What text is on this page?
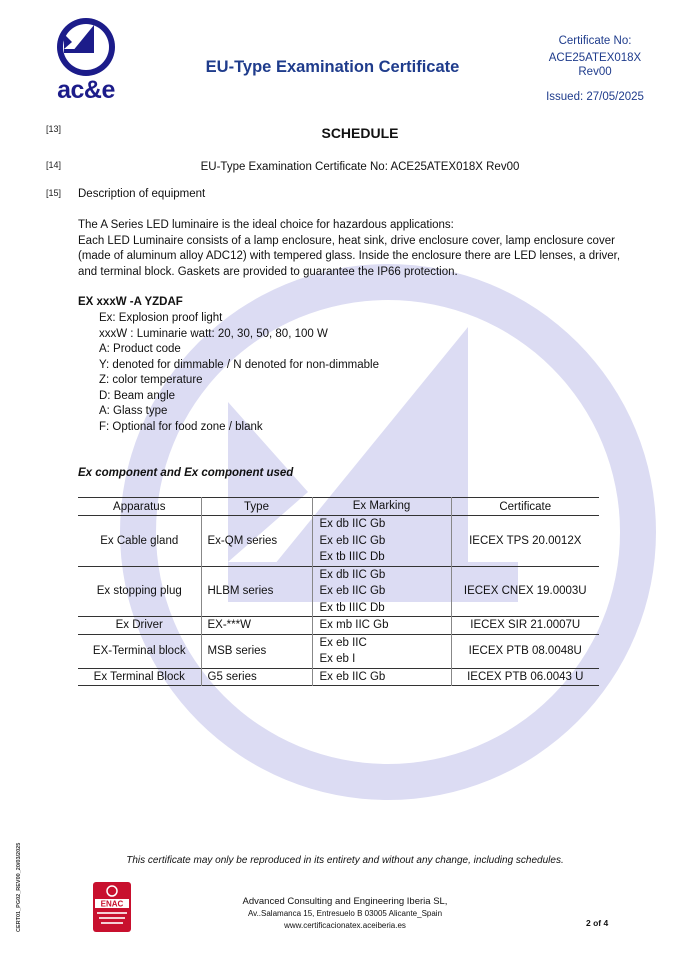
ac&e
EU-Type Examination Certificate
Certificate No:
ACE25ATEX018X
Rev00
Issued: 27/05/2025
[13]	SCHEDULE
[14]	EU-Type Examination Certificate No: ACE25ATEX018X Rev00
[15] Description of equipment
The A Series LED luminaire is the ideal choice for hazardous applications:
Each LED Luminaire consists of a lamp enclosure, heat sink, drive enclosure cover, lamp enclosure cover
(made of aluminum alloy ADC12) with tempered glass. Inside the enclosure there are LED lenses, a driver,
and terminal block. Gaskets are provided to guarantee the IP66 protection.
EX xxxW -A YZDAF
Ex: Explosion proof light
xxxW : Luminarie watt: 20, 30, 50, 80, 100 W
A: Product code
Y: denoted for dimmable / N denoted for non-dimmable
Z: color temperature
D: Beam angle
A: Glass type
F: Optional for food zone / blank
Ex component and Ex component used
Apparatus	Type	Ex Marking	Certificate
Ex Cable gland	Ex-QM series	Ex db IIC Gb
Ex eb IIC Gb
Ex tb IIIC Db	IECEX TPS 20.0012X
Ex stopping plug	HLBM series	Ex db IIC Gb
Ex eb IIC Gb
Ex tb IIIC Db	IECEX CNEX 19.0003U
Ex Driver	EX-***W	Ex mb IIC Gb	IECEX SIR 21.0007U
EX-Terminal block	MSB series	Ex eb IIC
Ex eb I	IECEX PTB 08.0048U
Ex Terminal Block	G5 series	Ex eb IIC Gb	IECEX PTB 06.0043 U
This certificate may only be reproduced in its entirety and without any change, including schedules.
CERT01_PG02_REV00_20/03/2025	ENAC	Advanced Consulting and Engineering Iberia SL,
Av..Salamanca 15, Entresuelo B 03005 Alicante_Spain
www.certificacionatex.aceiberia.es	2 of 4
